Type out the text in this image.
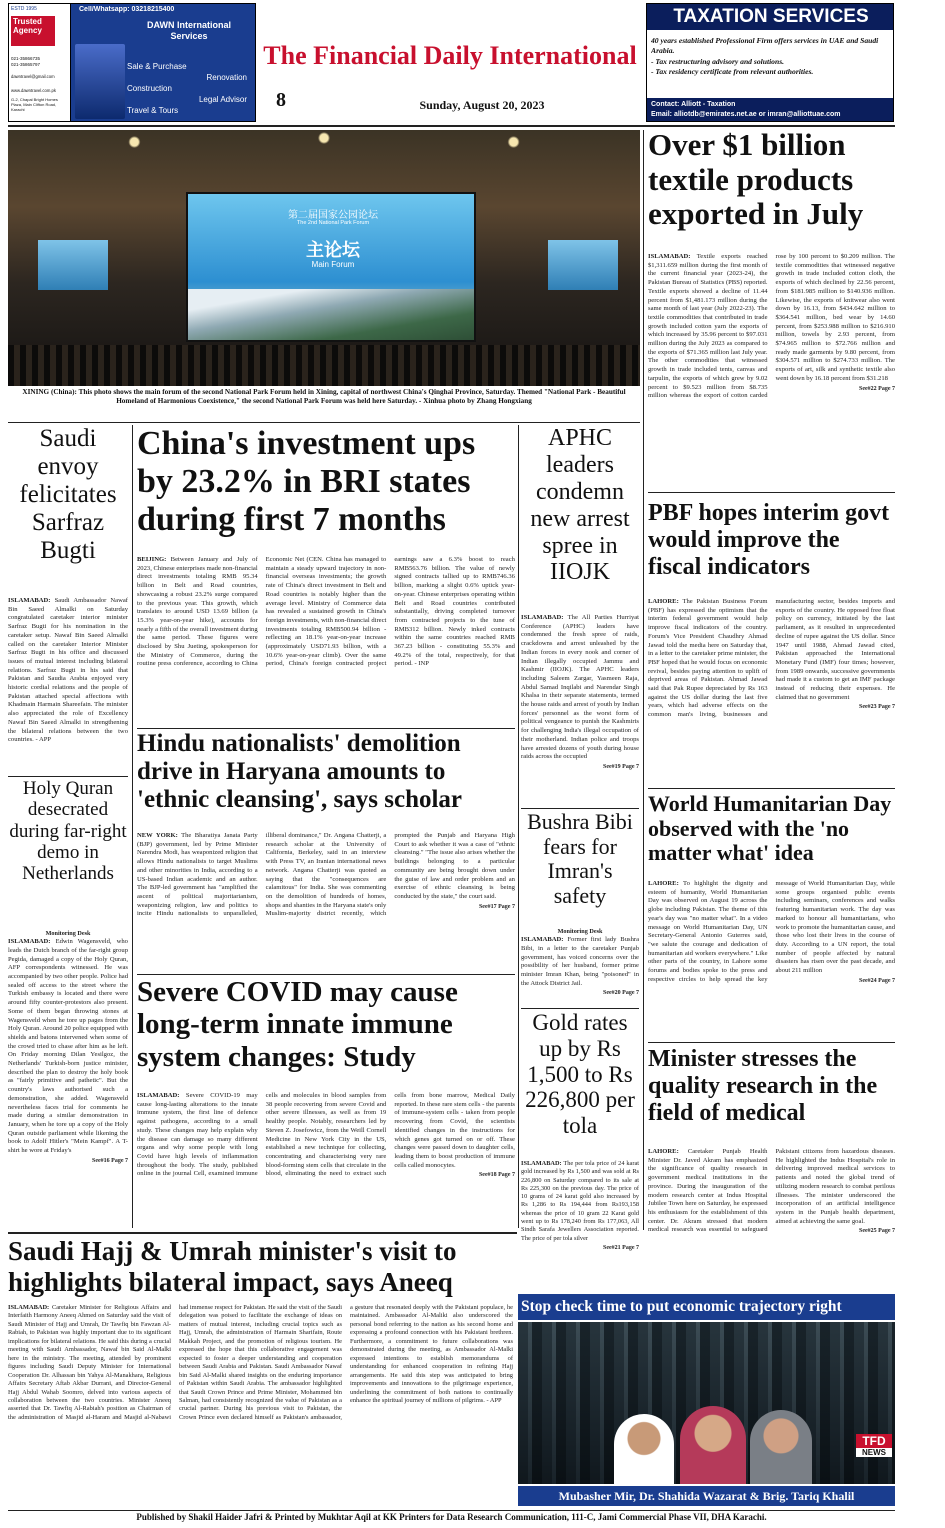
ESTD 1995
Trusted Agency
021-35866735
021-35865797
dawntravel@gmail.com
www.dawntravel.com.pk
G-2, Chapal Bright Homes Plaza, Main Clifton Road, Karachi
Cell/Whatsapp: 03218215400
DAWN International Services
Sale & Purchase
Renovation
Construction
Legal Advisor
Travel & Tours
The Financial Daily International
8	Sunday, August 20, 2023
TAXATION SERVICES
40 years established Professional Firm offers services in UAE and Saudi Arabia.
- Tax restructuring advisory and solutions.
- Tax residency certificate from relevant authorities.
Contact: Alliott - Taxation
Email: alliotdb@emirates.net.ae or imran@alliottuae.com
第二届国家公园论坛
The 2nd National Park Forum
主论坛
Main Forum
XINING (China): This photo shows the main forum of the second National Park Forum held in Xining, capital of northwest China's Qinghai Province, Saturday. Themed "National Park - Beautiful Homeland of Harmonious Coexistence," the second National Park Forum was held here Saturday. - Xinhua photo by Zhang Hongxiang
Over $1 billion textile products exported in July
ISLAMABAD: Textile exports reached $1,311.659 million during the first month of the current financial year (2023-24), the Pakistan Bureau of Statistics (PBS) reported. Textile exports showed a decline of 11.44 percent from $1,481.173 million during the same month of last year (July 2022-23). The textile commodities that contributed in trade growth included cotton yarn the exports of which increased by 35.96 percent to $97.031 million during the July 2023 as compared to the exports of $71.365 million last July year. The other commodities that witnessed growth in trade included tents, canvas and tarpulin, the exports of which grew by 9.02 percent to $9.523 million from $8.735 million whereas the export of cotton carded rose by 100 percent to $0.209 million. The textile commodities that witnessed negative growth in trade included cotton cloth, the exports of which declined by 22.56 percent, from $181.985 million to $140.936 million. Likewise, the exports of knitwear also went down by 16.13, from $434.642 million to $364.541 million, bed wear by 14.60 percent, from $253.988 million to $216.910 million, towels by 2.93 percent, from $74.965 million to $72.766 million and ready made garments by 9.80 percent, from $304.571 million to $274.733 million. The exports of art, silk and synthetic textile also went down by 16.18 percent from $31.218
See#22 Page 7
PBF hopes interim govt would improve the fiscal indicators
LAHORE: The Pakistan Business Forum (PBF) has expressed the optimism that the interim federal government would help improve fiscal indicators of the country. Forum's Vice President Chaudhry Ahmad Jawad told the media here on Saturday that, in a letter to the caretaker prime minister, the PBF hoped that he would focus on economic revival, besides paying attention to uplift of deprived areas of Pakistan. Ahmad Jawad said that Pak Rupee depreciated by Rs 163 against the US dollar during the last five years, which had adverse effects on the common man's living, businesses and manufacturing sector, besides imports and exports of the country. He opposed free float policy on currency, initiated by the last parliament, as it resulted in unprecedented decline of rupee against the US dollar. Since 1947 until 1988, Ahmad Jawad cited, Pakistan approached the International Monetary Fund (IMF) four times; however, from 1989 onwards, successive governments had made it a custom to get an IMF package instead of reducing their expenses. He claimed that no government
See#23 Page 7
World Humanitarian Day observed with the 'no matter what' idea
LAHORE: To highlight the dignity and esteem of humanity, World Humanitarian Day was observed on August 19 across the globe including Pakistan. The theme of this year's day was "no matter what". In a video message on World Humanitarian Day, UN Secretary-General Antonio Guterres said, "we salute the courage and dedication of humanitarian aid workers everywhere." Like other parts of the country, in Lahore some forums and bodies spoke to the press and respective circles to help spread the key message of World Humanitarian Day, while some groups organised public events including seminars, conferences and walks featuring humanitarian work. The day was marked to honour all humanitarians, who work to promote the humanitarian cause, and those who lost their lives in the course of duty. According to a UN report, the total number of people affected by natural disasters has risen over the past decade, and about 211 million
See#24 Page 7
Minister stresses the quality research in the field of medical
LAHORE: Caretaker Punjab Health Minister Dr. Javed Akram has emphasized the significance of quality research in government medical institutions in the province. During the inauguration of the modern research center at Indus Hospital Jubilee Town here on Saturday, he expressed his enthusiasm for the establishment of this center. Dr. Akram stressed that modern medical research was essential to safeguard Pakistani citizens from hazardous diseases. He highlighted the Indus Hospital's role in delivering improved medical services to patients and noted the global trend of utilizing modern research to combat perilous illnesses. The minister underscored the incorporation of an artificial intelligence system in the Punjab health department, aimed at achieving the same goal.
See#25 Page 7
Saudi envoy felicitates Sarfraz Bugti
ISLAMABAD: Saudi Ambassador Nawaf Bin Saeed Almalki on Saturday congratulated caretaker interior minister Sarfraz Bugti for his nomination in the caretaker setup. Nawaf Bin Saeed Almalki called on the caretaker Interior Minister Sarfraz Bugti in his office and discussed issues of mutual interest including bilateral relations. Sarfraz Bugti in his said that Pakistan and Saudia Arabia enjoyed very historic cordial relations and the people of Pakistan attached special affections with Khadmain Harmain Shareefain. The minister also appreciated the role of Excellency Nawaf Bin Saeed Almalki in strengthening the bilateral relations between the two countries. - APP
Holy Quran desecrated during far-right demo in Netherlands
Monitoring Desk
ISLAMABAD: Edwin Wagensveld, who leads the Dutch branch of the far-right group Pegida, damaged a copy of the Holy Quran, AFP correspondents witnessed. He was accompanied by two other people. Police had sealed off access to the street where the Turkish embassy is located and there were around fifty counter-protestors also present. Some of them began throwing stones at Wagensveld when he tore up pages from the Holy Quran. Around 20 police equipped with shields and batons intervened when some of the crowd tried to chase after him as he left. On Friday morning Dilan Yesilgoz, the Netherlands' Turkish-born justice minister, described the plan to destroy the holy book as "fairly primitive and pathetic". But the country's laws authorised such a demonstration, she added. Wagensveld nevertheless faces trial for comments he made during a similar demonstration in January, when he tore up a copy of the Holy Quran outside parliament while likening the book to Adolf Hitler's "Mein Kampf". A T-shirt he wore at Friday's
See#16 Page 7
China's investment ups by 23.2% in BRI states during first 7 months
BEIJING: Between January and July of 2023, Chinese enterprises made non-financial direct investments totaling RMB 95.34 billion in Belt and Road countries, showcasing a robust 23.2% surge compared to the previous year. This growth, which translates to around USD 13.69 billion (a 15.3% year-on-year hike), accounts for nearly a fifth of the overall investment during the same period. These figures were disclosed by Shu Jueting, spokesperson for the Ministry of Commerce, during the routine press conference, according to China Economic Net (CEN. China has managed to maintain a steady upward trajectory in non-financial overseas investments; the growth rate of China's direct investment in Belt and Road countries is notably higher than the average level. Ministry of Commerce data has revealed a sustained growth in China's foreign investments, with non-financial direct investments totaling RMB500.94 billion - reflecting an 18.1% year-on-year increase (approximately USD71.93 billion, with a 10.6% year-on-year climb). Over the same period, China's foreign contracted project earnings saw a 6.3% boost to reach RMB563.76 billion. The value of newly signed contracts tallied up to RMB746.36 billion, marking a slight 0.6% uptick year-on-year. Chinese enterprises operating within Belt and Road countries contributed substantially, driving completed turnover from contracted projects to the tune of RMB312 billion. Newly inked contracts within the same countries reached RMB 367.23 billion - constituting 55.3% and 49.2% of the total, respectively, for that period. - INP
Hindu nationalists' demolition drive in Haryana amounts to 'ethnic cleansing', says scholar
NEW YORK: The Bharatiya Janata Party (BJP) government, led by Prime Minister Narendra Modi, has weaponized religion that allows Hindu nationalists to target Muslims and other minorities in India, according to a US-based Indian academic and an author. The BJP-led government has "amplified the ascent of political majoritarianism, weaponizing religion, law and politics to incite Hindu nationalists to unparalleled, illiberal dominance," Dr. Angana Chatterji, a research scholar at the University of California, Berkeley, said in an interview with Press TV, an Iranian international news network. Angana Chatterji was quoted as saying that the "consequences are calamitous" for India. She was commenting on the demolition of hundreds of homes, shops and shanties in the Haryana state's only Muslim-majority district recently, which prompted the Punjab and Haryana High Court to ask whether it was a case of "ethnic cleansing." "The issue also arises whether the buildings belonging to a particular community are being brought down under the guise of law and order problem and an exercise of ethnic cleansing is being conducted by the state," the court said.
See#17 Page 7
Severe COVID may cause long-term innate immune system changes: Study
ISLAMABAD: Severe COVID-19 may cause long-lasting alterations to the innate immune system, the first line of defence against pathogens, according to a small study. These changes may help explain why the disease can damage so many different organs and why some people with long Covid have high levels of inflammation throughout the body. The study, published online in the journal Cell, examined immune cells and molecules in blood samples from 38 people recovering from severe Covid and other severe illnesses, as well as from 19 healthy people. Notably, researchers led by Steven Z. Josefowicz, from the Weill Cornell Medicine in New York City in the US, established a new technique for collecting, concentrating and characterising very rare blood-forming stem cells that circulate in the blood, eliminating the need to extract such cells from bone marrow, Medical Daily reported. In these rare stem cells - the parents of immune-system cells - taken from people recovering from Covid, the scientists identified changes in the instructions for which genes got turned on or off. These changes were passed down to daughter cells, leading them to boost production of immune cells called monocytes.
See#18 Page 7
APHC leaders condemn new arrest spree in IIOJK
ISLAMABAD: The All Parties Hurriyat Conference (APHC) leaders have condemned the fresh spree of raids, crackdowns and arrest unleashed by the Indian forces in every nook and corner of Indian illegally occupied Jammu and Kashmir (IIOJK). The APHC leaders including Saleem Zargar, Yasmeen Raja, Abdul Samad Inqilabi and Narendar Singh Khalsa in their separate statements, termed the house raids and arrest of youth by Indian forces' personnel as the worst form of political vengeance to punish the Kashmiris for challenging India's illegal occupation of their motherland. Indian police and troops have arrested dozens of youth during house raids across the occupied
See#19 Page 7
Bushra Bibi fears for Imran's safety
Monitoring Desk
ISLAMABAD: Former first lady Bushra Bibi, in a letter to the caretaker Punjab government, has voiced concerns over the possibility of her husband, former prime minister Imran Khan, being "poisoned" in the Attock District Jail.
See#20 Page 7
Gold rates up by Rs 1,500 to Rs 226,800 per tola
ISLAMABAD: The per tola price of 24 karat gold increased by Rs 1,500 and was sold at Rs 226,800 on Saturday compared to its sale at Rs 225,300 on the previous day. The price of 10 grams of 24 karat gold also increased by Rs 1,286 to Rs 194,444 from Rs193,158 whereas the price of 10 gram 22 Karat gold went up to Rs 178,240 from Rs 177,063, All Sindh Sarafa Jewellers Association reported. The price of per tola silver
See#21 Page 7
Saudi Hajj & Umrah minister's visit to highlights bilateral impact, says Aneeq
ISLAMABAD: Caretaker Minister for Religious Affairs and Interfaith Harmony Aneeq Ahmed on Saturday said the visit of Saudi Minister of Hajj and Umrah, Dr Tawfiq bin Fawzan Al-Rabiah, to Pakistan was highly important due to its significant implications for bilateral relations. He said this during a crucial meeting with Saudi Ambassador, Nawaf bin Said Al-Malki here in the ministry. The meeting, attended by prominent figures including Saudi Deputy Minister for International Cooperation Dr. Alhassan bin Yahya Al-Manakhara, Religious Affairs Secretary Aftab Akbar Durrani, and Director-General Hajj Abdul Wahab Soomro, delved into various aspects of collaboration between the two countries. Minister Aneeq asserted that Dr. Tawfiq Al-Rabiah's position as Chairman of the administration of Masjid al-Haram and Masjid al-Nabawi had immense respect for Pakistan. He said the visit of the Saudi delegation was poised to facilitate the exchange of ideas on matters of mutual interest, including crucial topics such as Hajj, Umrah, the administration of Harmain Sharifain, Route Makkah Project, and the promotion of religious tourism. He expressed the hope that this collaborative engagement was expected to foster a deeper understanding and cooperation between Saudi Arabia and Pakistan. Saudi Ambassador Nawaf bin Said Al-Malki shared insights on the enduring importance of Pakistan within Saudi Arabia. The ambassador highlighted that Saudi Crown Prince and Prime Minister, Mohammed bin Salman, had consistently recognized the value of Pakistan as a crucial partner. During his previous visit to Pakistan, the Crown Prince even declared himself as Pakistan's ambassador, a gesture that resonated deeply with the Pakistani populace, he maintained. Ambassador Al-Maliki also underscored the personal bond referring to the nation as his second home and expressing a profound connection with his Pakistani brethren. Furthermore, a commitment to future collaborations was demonstrated during the meeting, as Ambassador Al-Malki expressed intentions to establish memorandums of understanding for enhanced cooperation in refining Hajj arrangements. He said this step was anticipated to bring improvements and innovations to the pilgrimage experience, underlining the commitment of both nations to continually enhance the spiritual journey of millions of pilgrims. - APP
Stop check time to put economic trajectory right
TFD
NEWS
Mubasher Mir, Dr. Shahida Wazarat & Brig. Tariq Khalil
Published by Shakil Haider Jafri & Printed by Mukhtar Aqil at KK Printers for Data Research Communication, 111-C, Jami Commercial Phase VII, DHA Karachi.
